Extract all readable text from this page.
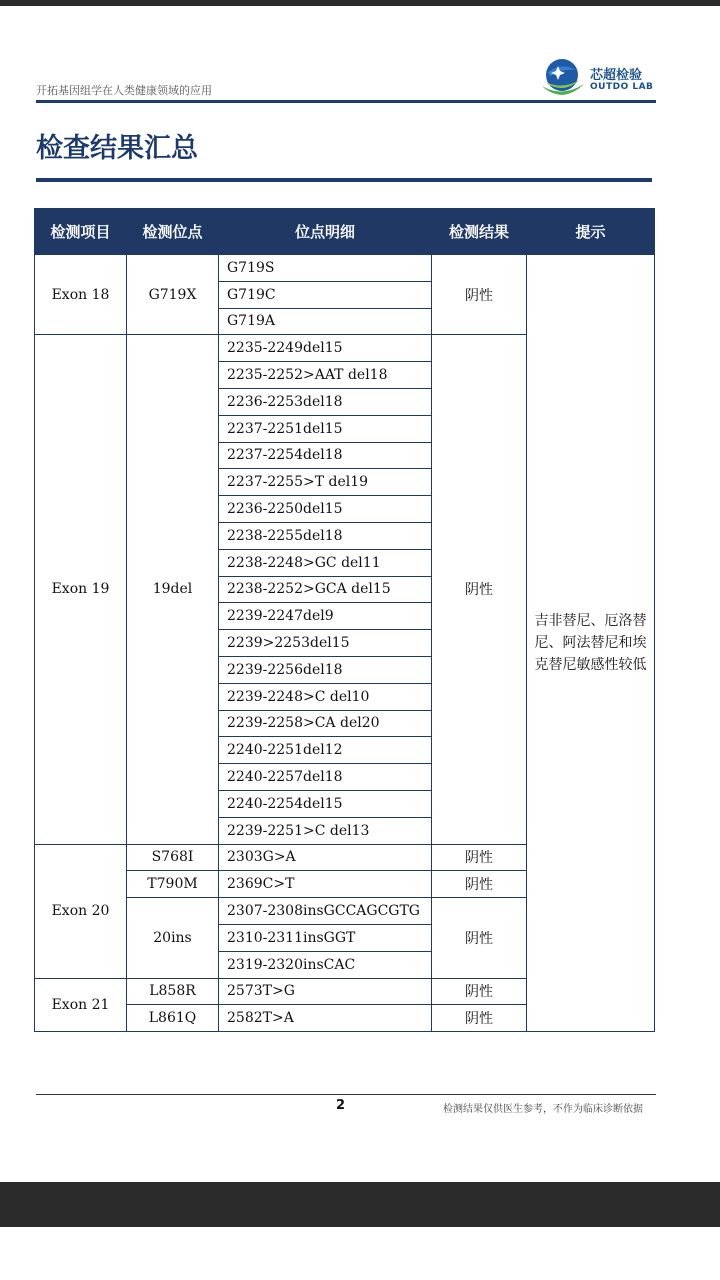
开拓基因组学在人类健康领域的应用
芯超检验
OUTDO LAB
检查结果汇总
检测项目	检测位点	位点明细	检测结果	提示
Exon 18	G719X	G719S	阴性	吉非替尼、厄洛替尼、阿法替尼和埃克替尼敏感性较低
		G719C		
		G719A		
Exon 19	19del	2235-2249del15	阴性	
		2235-2252>AAT del18		
		2236-2253del18		
		2237-2251del15		
		2237-2254del18		
		2237-2255>T del19		
		2236-2250del15		
		2238-2255del18		
		2238-2248>GC del11		
		2238-2252>GCA del15		
		2239-2247del9		
		2239>2253del15		
		2239-2256del18		
		2239-2248>C del10		
		2239-2258>CA del20		
		2240-2251del12		
		2240-2257del18		
		2240-2254del15		
		2239-2251>C del13		
Exon 20	S768I	2303G>A	阴性	
	T790M	2369C>T	阴性	
	20ins	2307-2308insGCCAGCGTG	阴性	
		2310-2311insGGT		
		2319-2320insCAC		
Exon 21	L858R	2573T>G	阴性	
	L861Q	2582T>A	阴性	
2	检测结果仅供医生参考，不作为临床诊断依据
